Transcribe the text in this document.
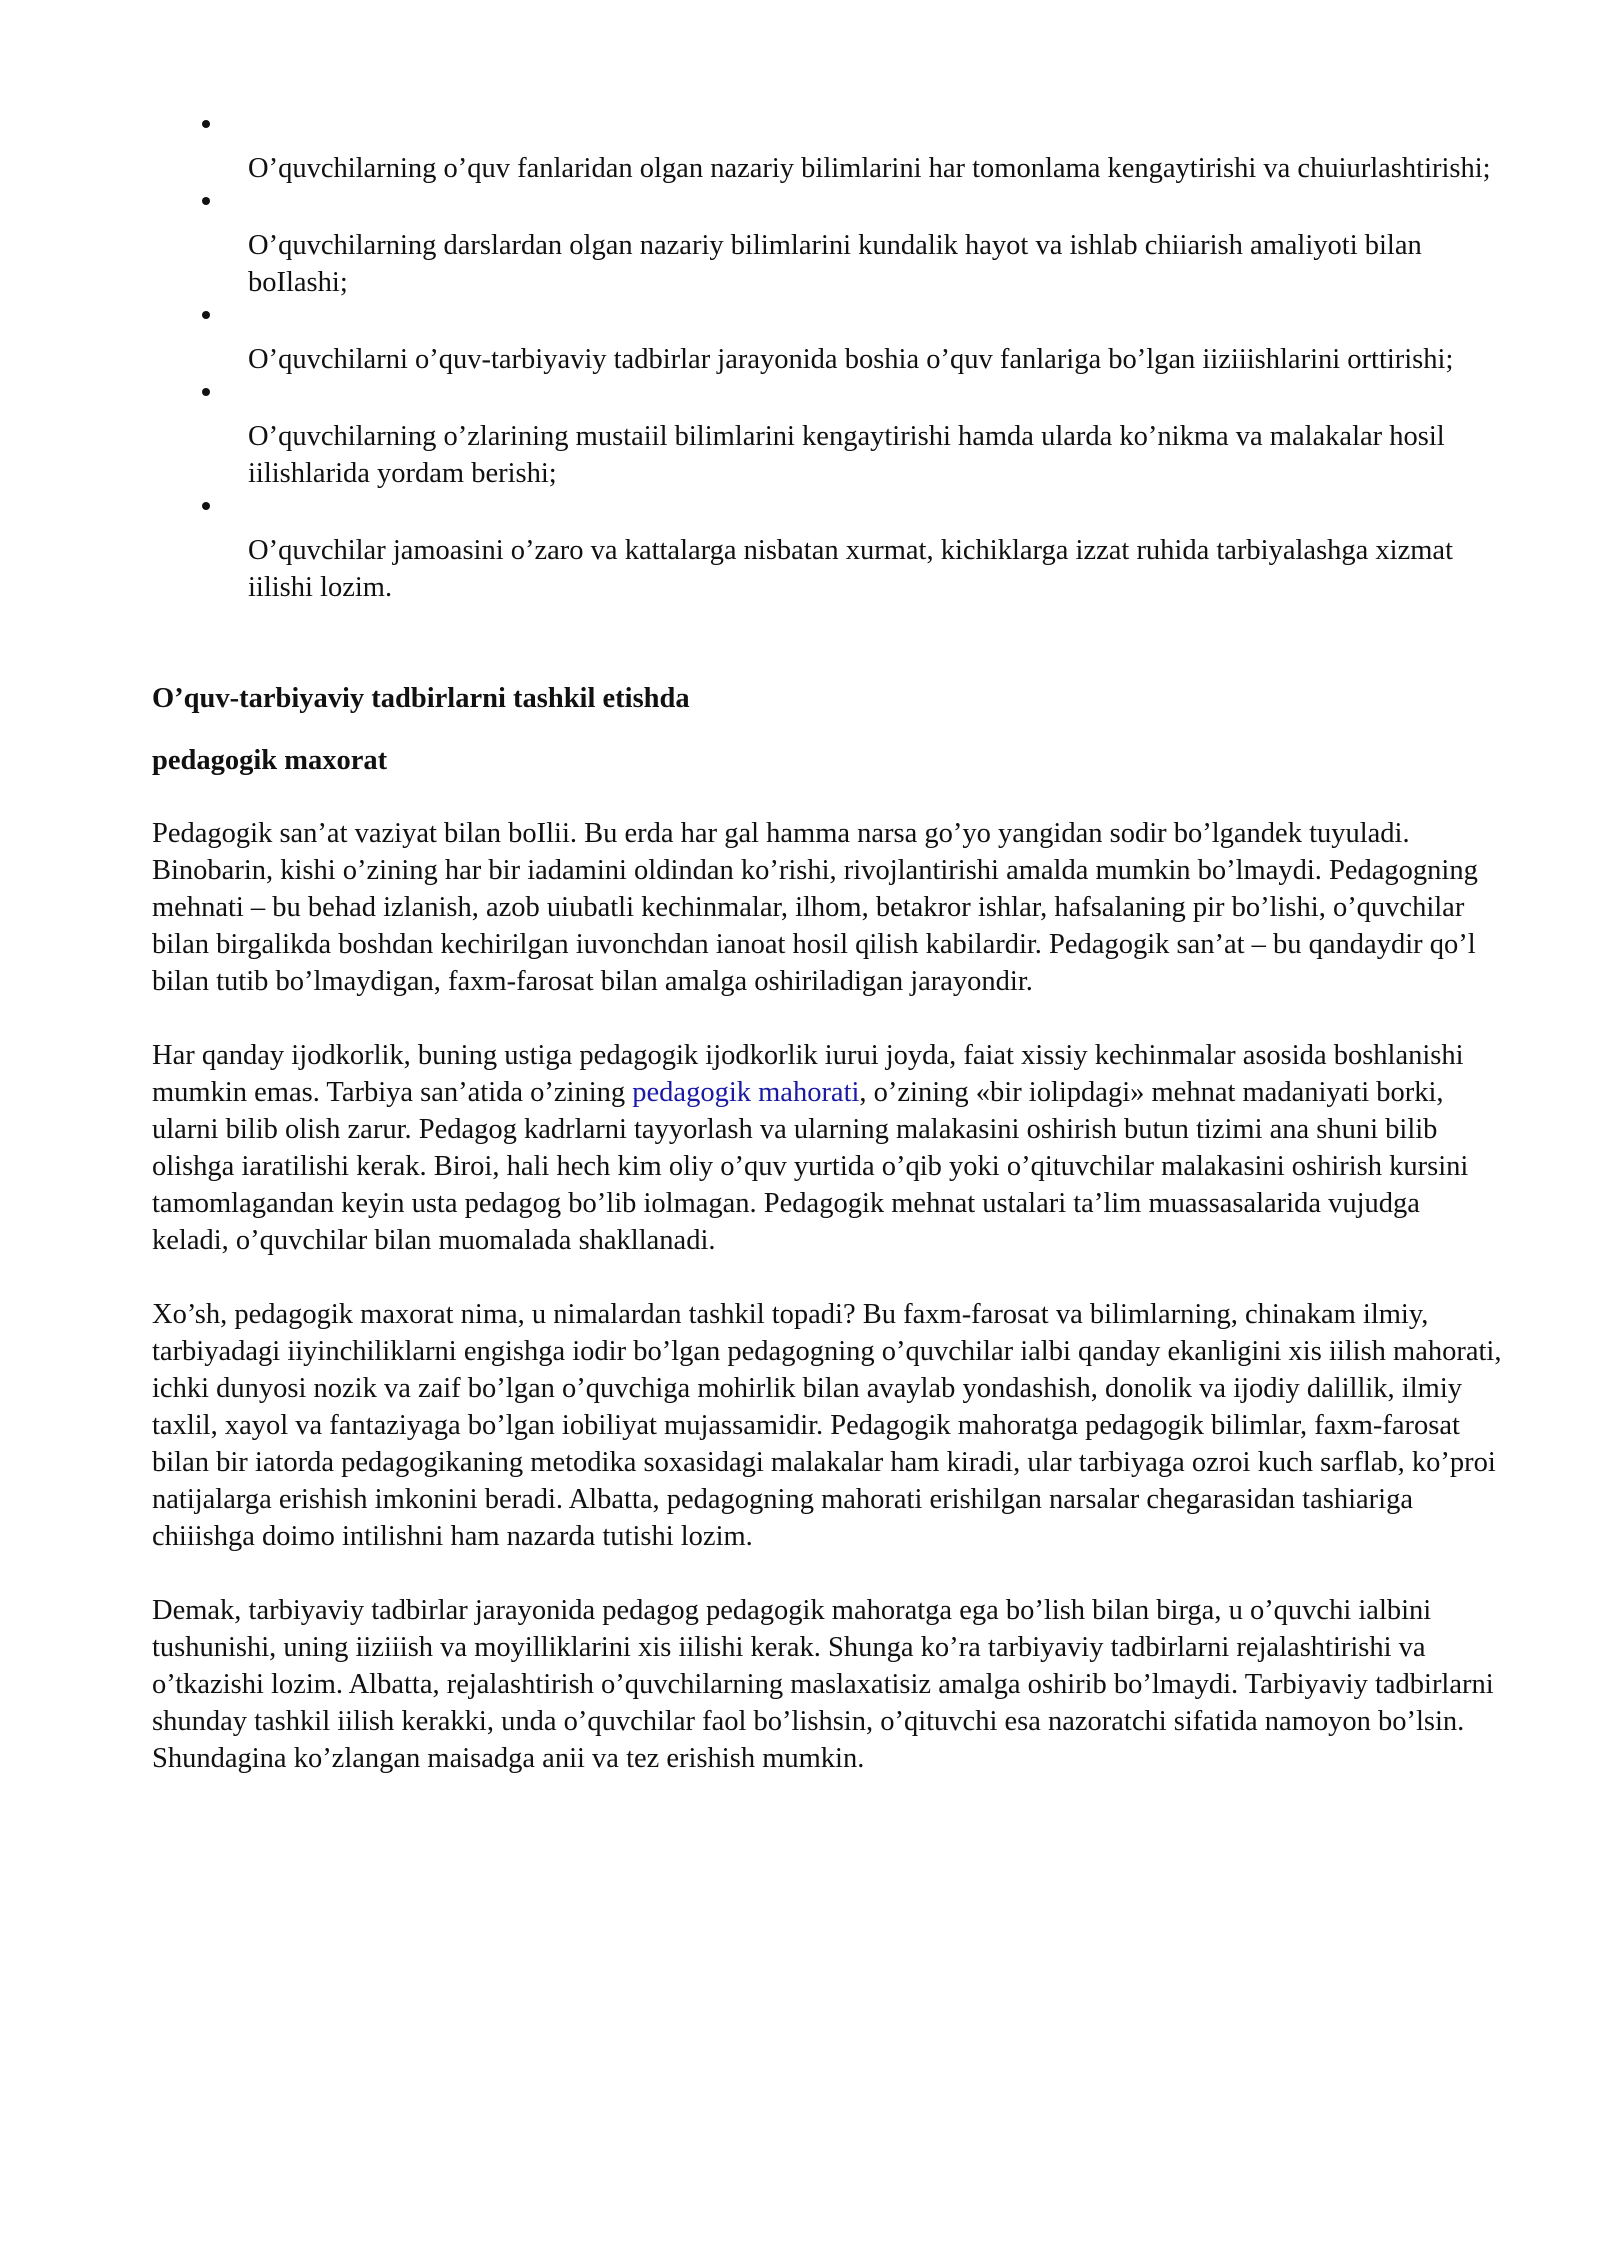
O’quvchilarning o’quv fanlaridan olgan nazariy bilimlarini har tomonlama kengaytirishi va chuiurlashtirishi;
O’quvchilarning darslardan olgan nazariy bilimlarini kundalik hayot va ishlab chiiarish amaliyoti bilan boIlashi;
O’quvchilarni o’quv-tarbiyaviy tadbirlar jarayonida boshia o’quv fanlariga bo’lgan iiziiishlarini orttirishi;
O’quvchilarning o’zlarining mustaiil bilimlarini kengaytirishi hamda ularda ko’nikma va malakalar hosil iilishlarida yordam berishi;
O’quvchilar jamoasini o’zaro va kattalarga nisbatan xurmat, kichiklarga izzat ruhida tarbiyalashga xizmat iilishi lozim.
O’quv-tarbiyaviy tadbirlarni tashkil etishda
pedagogik maxorat

Pedagogik san’at vaziyat bilan boIlii. Bu erda har gal hamma narsa go’yo yangidan sodir bo’lgandek tuyuladi. Binobarin, kishi o’zining har bir iadamini oldindan ko’rishi, rivojlantirishi amalda mumkin bo’lmaydi. Pedagogning mehnati – bu behad izlanish, azob uiubatli kechinmalar, ilhom, betakror ishlar, hafsalaning pir bo’lishi, o’quvchilar bilan birgalikda boshdan kechirilgan iuvonchdan ianoat hosil qilish kabilardir. Pedagogik san’at – bu qandaydir qo’l bilan tutib bo’lmaydigan, faxm-farosat bilan amalga oshiriladigan jarayondir.

Har qanday ijodkorlik, buning ustiga pedagogik ijodkorlik iurui joyda, faiat xissiy kechinmalar asosida boshlanishi mumkin emas. Tarbiya san’atida o’zining pedagogik mahorati, o’zining «bir iolipdagi» mehnat madaniyati borki, ularni bilib olish zarur. Pedagog kadrlarni tayyorlash va ularning malakasini oshirish butun tizimi ana shuni bilib olishga iaratilishi kerak. Biroi, hali hech kim oliy o’quv yurtida o’qib yoki o’qituvchilar malakasini oshirish kursini tamomlagandan keyin usta pedagog bo’lib iolmagan. Pedagogik mehnat ustalari ta’lim muassasalarida vujudga keladi, o’quvchilar bilan muomalada shakllanadi.

Xo’sh, pedagogik maxorat nima, u nimalardan tashkil topadi? Bu faxm-farosat va bilimlarning, chinakam ilmiy, tarbiyadagi iiyinchiliklarni engishga iodir bo’lgan pedagogning o’quvchilar ialbi qanday ekanligini xis iilish mahorati, ichki dunyosi nozik va zaif bo’lgan o’quvchiga mohirlik bilan avaylab yondashish, donolik va ijodiy dalillik, ilmiy taxlil, xayol va fantaziyaga bo’lgan iobiliyat mujassamidir. Pedagogik mahoratga pedagogik bilimlar, faxm-farosat bilan bir iatorda pedagogikaning metodika soxasidagi malakalar ham kiradi, ular tarbiyaga ozroi kuch sarflab, ko’proi natijalarga erishish imkonini beradi. Albatta, pedagogning mahorati erishilgan narsalar chegarasidan tashiariga chiiishga doimo intilishni ham nazarda tutishi lozim.

Demak, tarbiyaviy tadbirlar jarayonida pedagog pedagogik mahoratga ega bo’lish bilan birga, u o’quvchi ialbini tushunishi, uning iiziiish va moyilliklarini xis iilishi kerak. Shunga ko’ra tarbiyaviy tadbirlarni rejalashtirishi va o’tkazishi lozim. Albatta, rejalashtirish o’quvchilarning maslaxatisiz amalga oshirib bo’lmaydi. Tarbiyaviy tadbirlarni shunday tashkil iilish kerakki, unda o’quvchilar faol bo’lishsin, o’qituvchi esa nazoratchi sifatida namoyon bo’lsin. Shundagina ko’zlangan maisadga anii va tez erishish mumkin.
